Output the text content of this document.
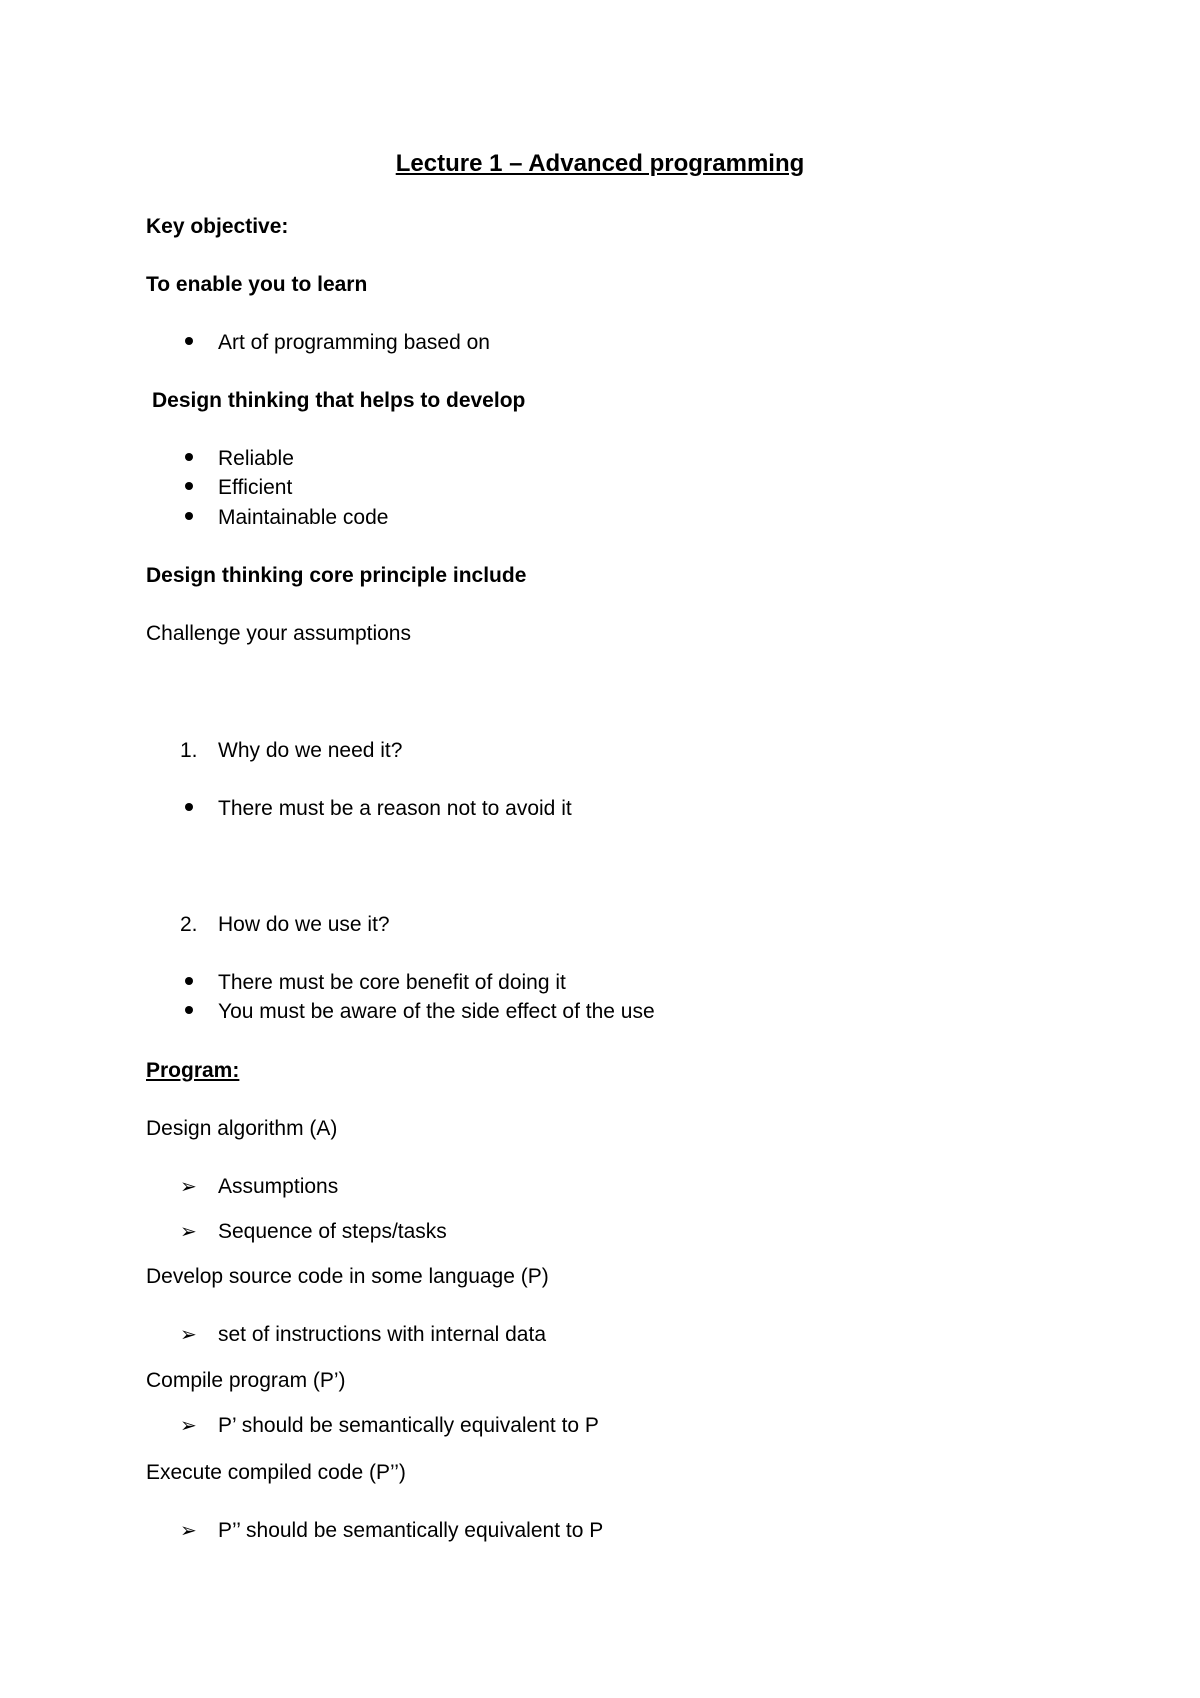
Lecture 1 – Advanced programming
Key objective:
To enable you to learn
Art of programming based on
Design thinking that helps to develop
Reliable
Efficient
Maintainable code
Design thinking core principle include
Challenge your assumptions
1. Why do we need it?
There must be a reason not to avoid it
2. How do we use it?
There must be core benefit of doing it
You must be aware of the side effect of the use
Program:
Design algorithm (A)
➢ Assumptions
➢ Sequence of steps/tasks
Develop source code in some language (P)
➢ set of instructions with internal data
Compile program (P’)
➢ P’ should be semantically equivalent to P
Execute compiled code (P’’)
➢ P’’ should be semantically equivalent to P
